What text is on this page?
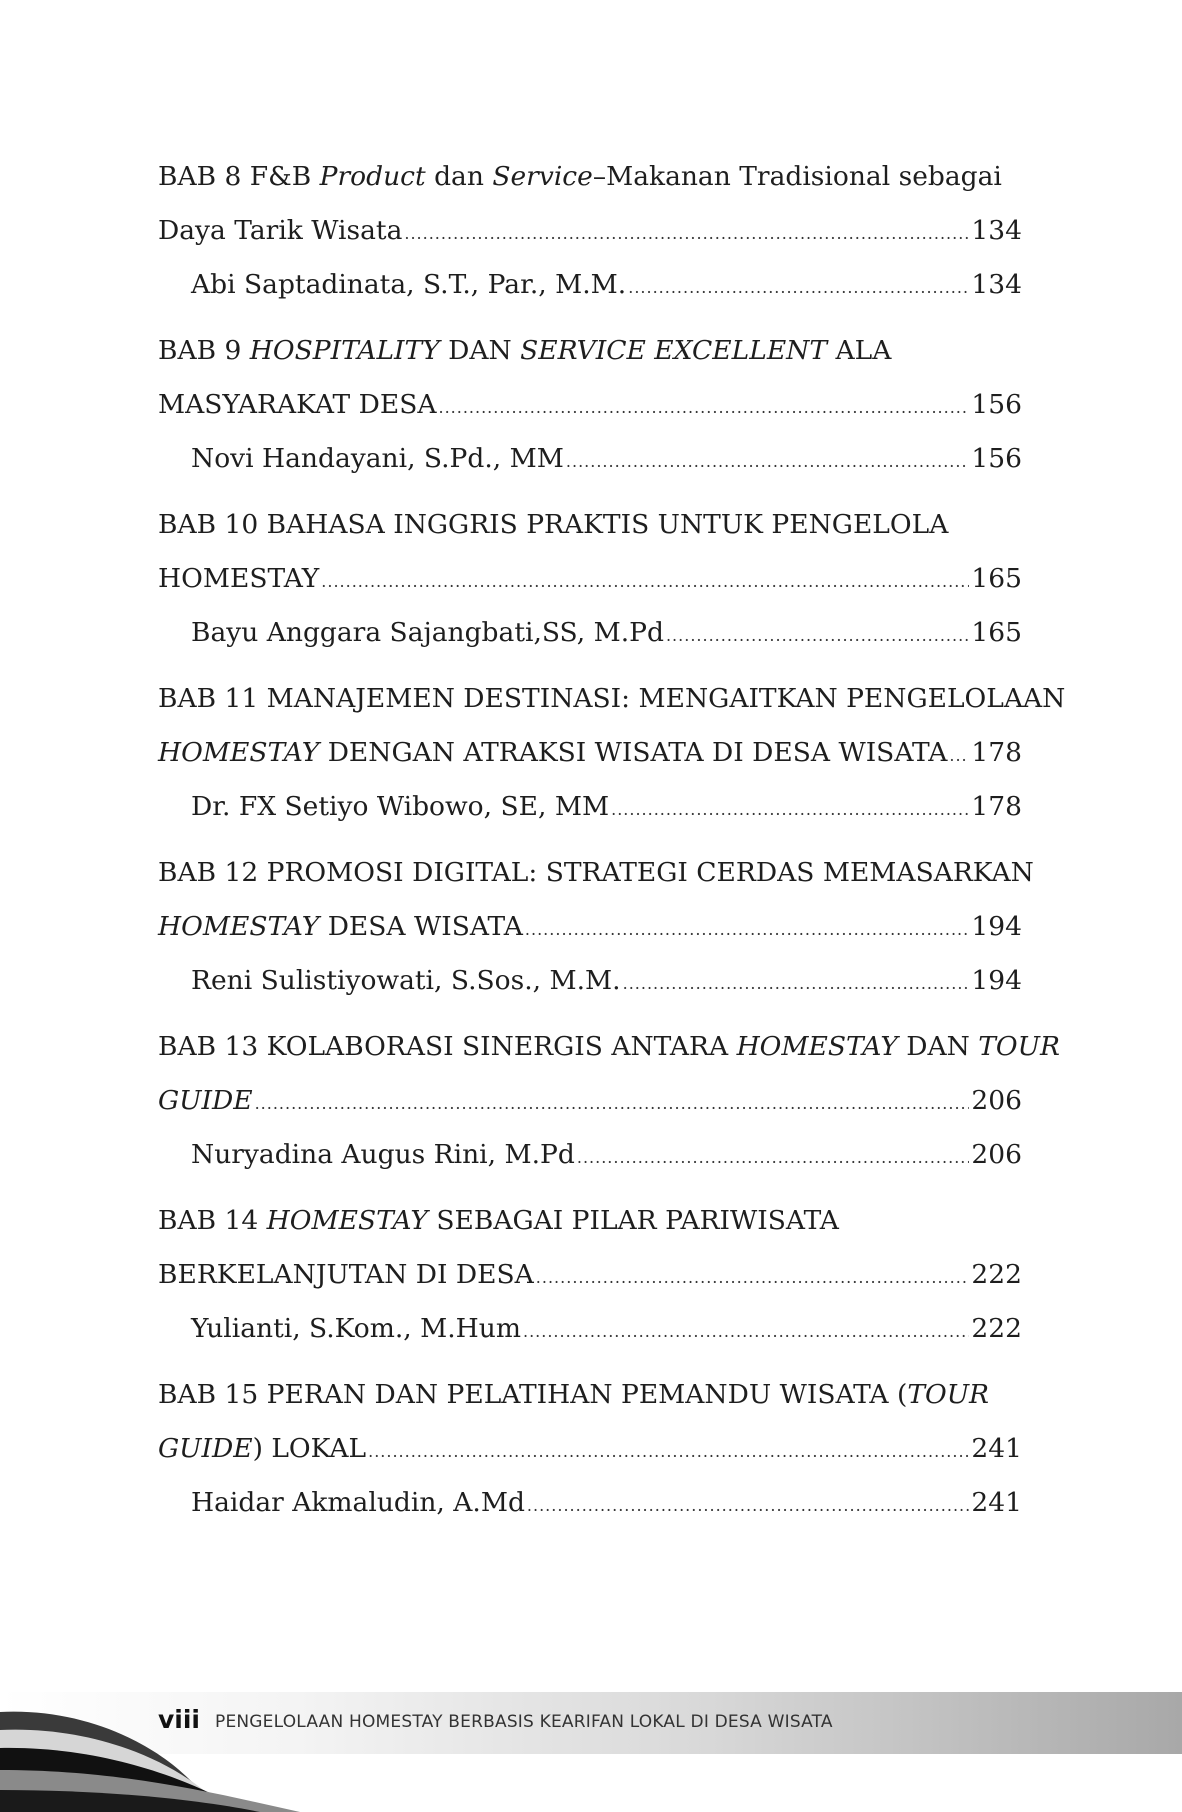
BAB 8 F&B Product dan Service–Makanan Tradisional sebagai
Daya Tarik Wisata .....	134
Abi Saptadinata, S.T., Par., M.M. .....	134
BAB 9 HOSPITALITY DAN SERVICE EXCELLENT ALA
MASYARAKAT DESA .....	156
Novi Handayani, S.Pd., MM .....	156
BAB 10 BAHASA INGGRIS PRAKTIS UNTUK PENGELOLA
HOMESTAY .....	165
Bayu Anggara Sajangbati,SS, M.Pd .....	165
BAB 11 MANAJEMEN DESTINASI: MENGAITKAN PENGELOLAAN
HOMESTAY DENGAN ATRAKSI WISATA DI DESA WISATA ..... 178
Dr. FX Setiyo Wibowo, SE, MM .....	178
BAB 12 PROMOSI DIGITAL: STRATEGI CERDAS MEMASARKAN
HOMESTAY DESA WISATA .....	194
Reni Sulistiyowati, S.Sos., M.M. .....	194
BAB 13 KOLABORASI SINERGIS ANTARA HOMESTAY DAN TOUR
GUIDE .....	206
Nuryadina Augus Rini, M.Pd .....	206
BAB 14 HOMESTAY SEBAGAI PILAR PARIWISATA
BERKELANJUTAN DI DESA .....	222
Yulianti, S.Kom., M.Hum .....	222
BAB 15 PERAN DAN PELATIHAN PEMANDU WISATA (TOUR
GUIDE) LOKAL .....	241
Haidar Akmaludin, A.Md .....	241
viii PENGELOLAAN HOMESTAY BERBASIS KEARIFAN LOKAL DI DESA WISATA
